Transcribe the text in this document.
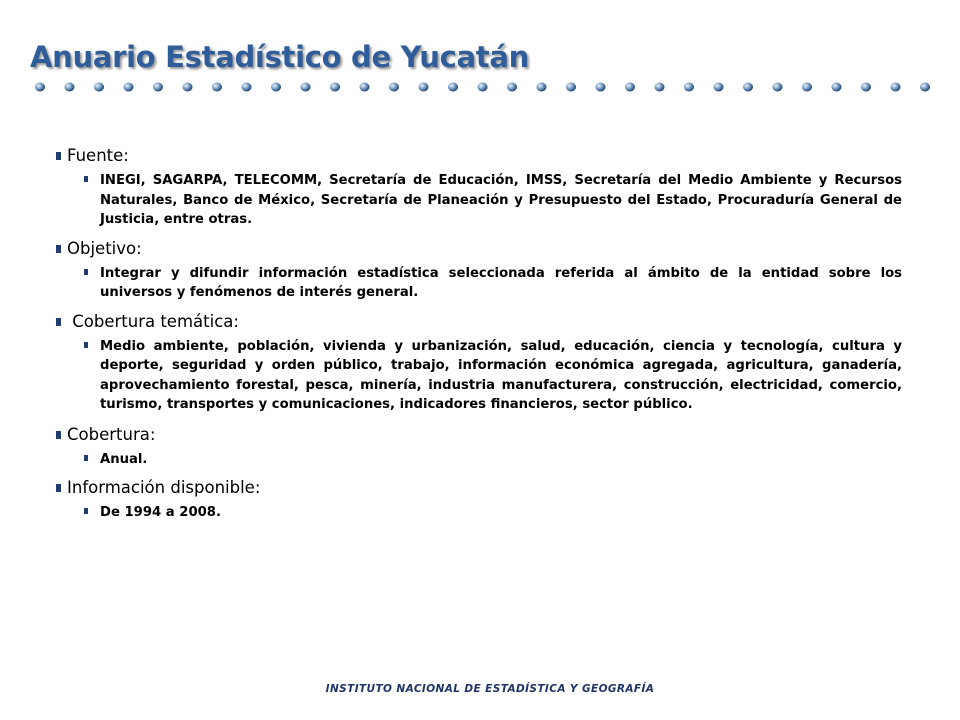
Anuario Estadístico de Yucatán
Fuente:
INEGI, SAGARPA, TELECOMM, Secretaría de Educación, IMSS, Secretaría del Medio Ambiente y Recursos Naturales, Banco de México, Secretaría de Planeación y Presupuesto del Estado, Procuraduría General de Justicia, entre otras.
Objetivo:
Integrar y difundir información estadística seleccionada referida al ámbito de la entidad sobre los universos y fenómenos de interés general.
Cobertura temática:
Medio ambiente, población, vivienda y urbanización, salud, educación, ciencia y tecnología, cultura y deporte, seguridad y orden público, trabajo, información económica agregada, agricultura, ganadería, aprovechamiento forestal, pesca, minería, industria manufacturera, construcción, electricidad, comercio, turismo, transportes y comunicaciones, indicadores financieros, sector público.
Cobertura:
Anual.
Información disponible:
De 1994 a 2008.
INSTITUTO NACIONAL DE ESTADÍSTICA Y GEOGRAFÍA
